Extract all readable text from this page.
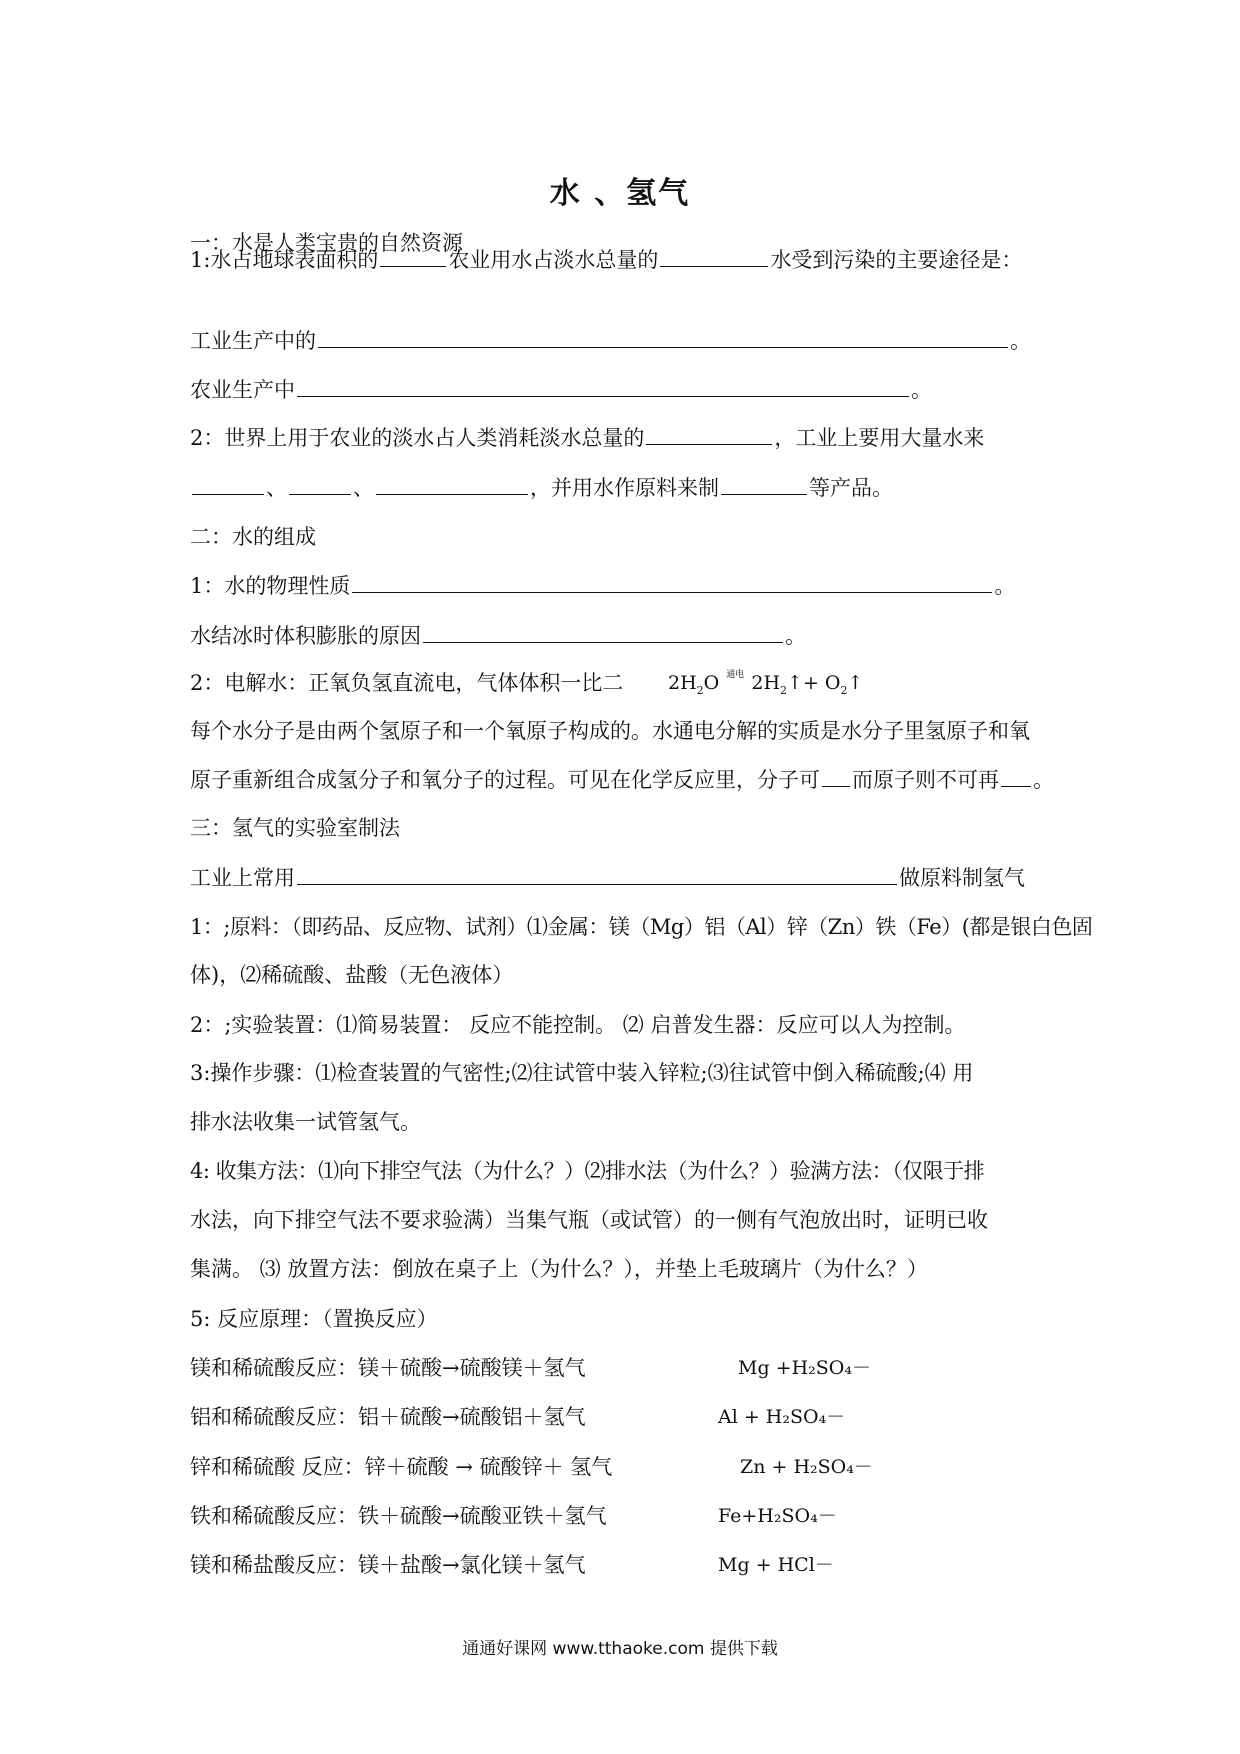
水 、氢气
一：水是人类宝贵的自然资源
1:水占地球表面积的	农业用水占淡水总量的	水受到污染的主要途径是：
工业生产中的	。
农业生产中	。
2：世界上用于农业的淡水占人类消耗淡水总量的	，工业上要用大量水来
、	、	，并用水作原料来制	等产品。
二：水的组成
1：水的物理性质	。
水结冰时体积膨胀的原因	。
2：电解水：正氧负氢直流电，气体体积一比二 $2H_2O$ $^{通电}$ $2H_2↑+$ $O_2↑$
每个水分子是由两个氢原子和一个氧原子构成的。水通电分解的实质是水分子里氢原子和氧
原子重新组合成氢分子和氧分子的过程。可见在化学反应里，分子可 而原子则不可再 。
三：氢气的实验室制法
工业上常用	做原料制氢气
1：;原料：（即药品、反应物、试剂）⑴金属：镁（Mg）铝（Al）锌（Zn）铁（Fe）(都是银白色固
体)，⑵稀硫酸、盐酸（无色液体）
2：;实验装置：⑴简易装置： 反应不能控制。 ⑵ 启普发生器：反应可以人为控制。
3:操作步骤：⑴检查装置的气密性;⑵往试管中装入锌粒;⑶往试管中倒入稀硫酸;⑷ 用
排水法收集一试管氢气。
4: 收集方法：⑴向下排空气法（为什么？）⑵排水法（为什么？）验满方法：（仅限于排
水法，向下排空气法不要求验满）当集气瓶（或试管）的一侧有气泡放出时，证明已收
集满。 ⑶ 放置方法：倒放在桌子上（为什么？），并垫上毛玻璃片（为什么？）
5: 反应原理：（置换反应）
镁和稀硫酸反应：镁＋硫酸→硫酸镁＋氢气	Mg +H₂SO₄－
铝和稀硫酸反应：铝＋硫酸→硫酸铝＋氢气	Al + H₂SO₄－
锌和稀硫酸 反应：锌＋硫酸 → 硫酸锌＋ 氢气	Zn + H₂SO₄－
铁和稀硫酸反应：铁＋硫酸→硫酸亚铁＋氢气	Fe+H₂SO₄－
镁和稀盐酸反应：镁＋盐酸→氯化镁＋氢气	Mg + HCl－
通通好课网 www.tthaoke.com 提供下载
